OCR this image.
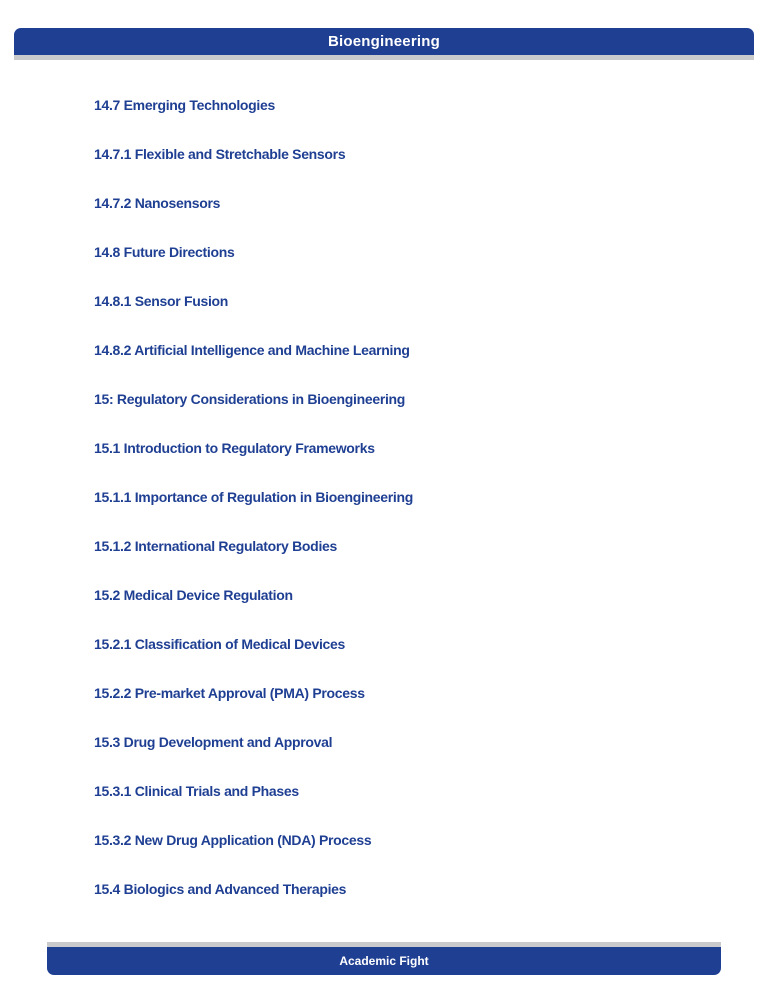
Bioengineering
14.7 Emerging Technologies
14.7.1 Flexible and Stretchable Sensors
14.7.2 Nanosensors
14.8 Future Directions
14.8.1 Sensor Fusion
14.8.2 Artificial Intelligence and Machine Learning
15: Regulatory Considerations in Bioengineering
15.1 Introduction to Regulatory Frameworks
15.1.1 Importance of Regulation in Bioengineering
15.1.2 International Regulatory Bodies
15.2 Medical Device Regulation
15.2.1 Classification of Medical Devices
15.2.2 Pre-market Approval (PMA) Process
15.3 Drug Development and Approval
15.3.1 Clinical Trials and Phases
15.3.2 New Drug Application (NDA) Process
15.4 Biologics and Advanced Therapies
Academic Fight
